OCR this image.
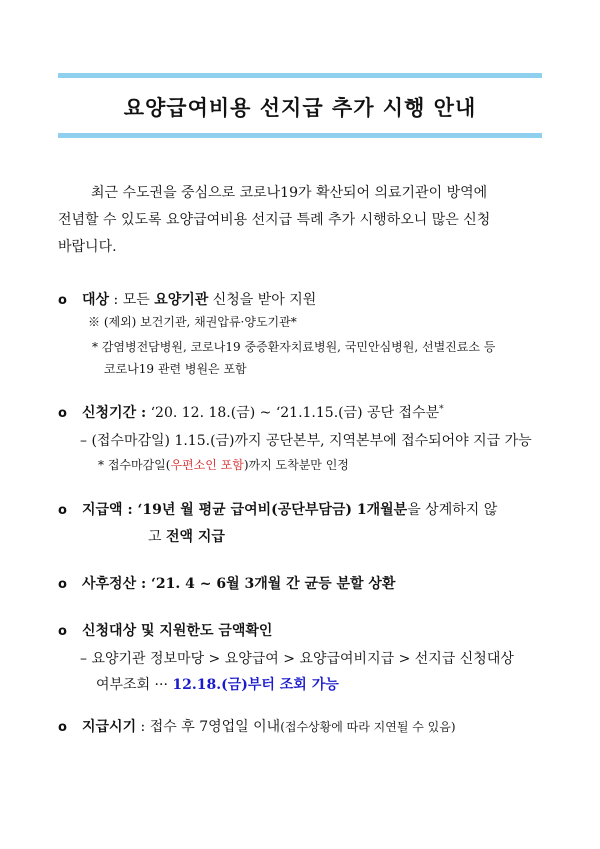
요양급여비용 선지급 추가 시행 안내
최근 수도권을 중심으로 코로나19가 확산되어 의료기관이 방역에
전념할 수 있도록 요양급여비용 선지급 특례 추가 시행하오니 많은 신청
바랍니다.
o 대상 : 모든 요양기관 신청을 받아 지원
※ (제외) 보건기관, 채권압류·양도기관*
* 감염병전담병원, 코로나19 중증환자치료병원, 국민안심병원, 선별진료소 등
코로나19 관련 병원은 포함
o 신청기간 : ‘20. 12. 18.(금) ~ ‘21.1.15.(금) 공단 접수분*
– (접수마감일) 1.15.(금)까지 공단본부, 지역본부에 접수되어야 지급 가능
* 접수마감일(우편소인 포함)까지 도착분만 인정
o 지급액 : ‘19년 월 평균 급여비(공단부담금) 1개월분을 상계하지 않
고 전액 지급
o 사후정산 : ‘21. 4 ~ 6월 3개월 간 균등 분할 상환
o 신청대상 및 지원한도 금액확인
– 요양기관 정보마당 > 요양급여 > 요양급여비지급 > 선지급 신청대상
여부조회 ··· 12.18.(금)부터 조회 가능
o 지급시기 : 접수 후 7영업일 이내(접수상황에 따라 지연될 수 있음)
